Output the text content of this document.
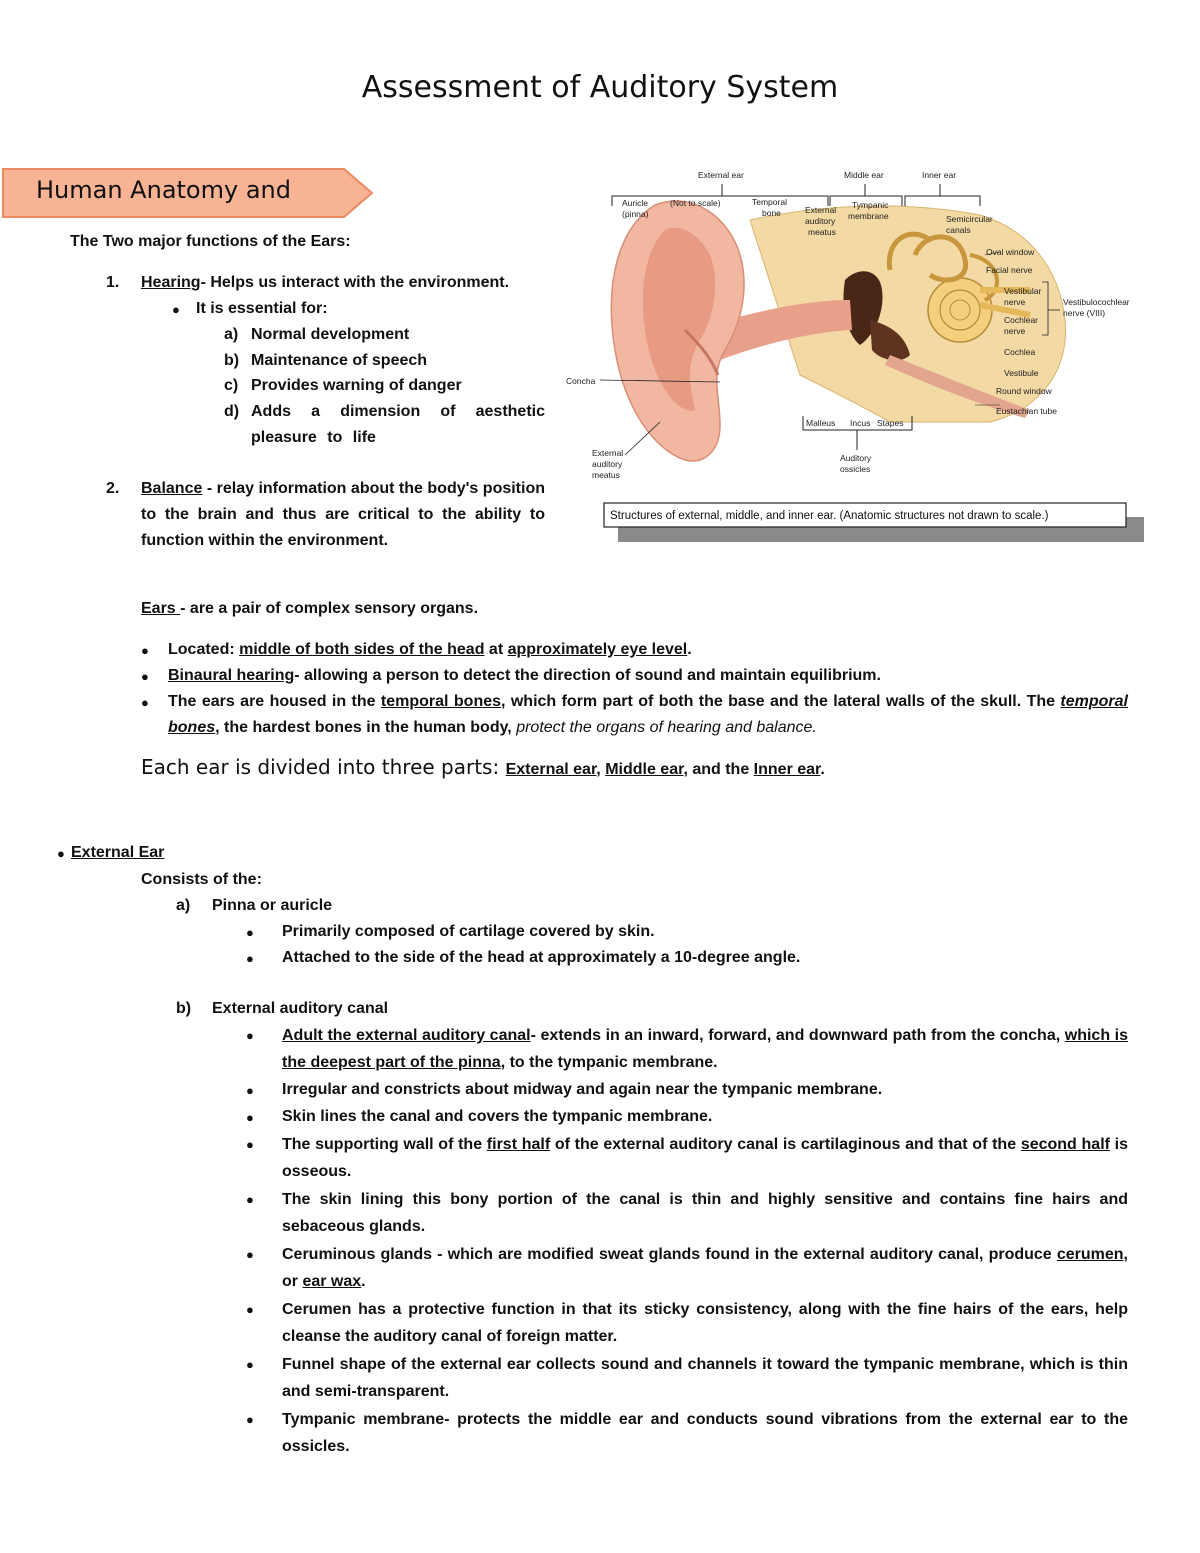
Assessment of Auditory System
Human Anatomy and
The Two major functions of the Ears:
1. Hearing- Helps us interact with the environment.
● It is essential for:
a) Normal development
b) Maintenance of speech
c) Provides warning of danger
d) Adds a dimension of aesthetic pleasure to life
2. Balance - relay information about the body's position to the brain and thus are critical to the ability to function within the environment.
External ear	Middle ear	Inner ear
Auricle
(pinna)
(Not to scale)	Temporal
bone	External
auditory
meatus
Tympanic
membrane	Semicircular
canals
Oval window
Facial nerve
Vestibular
nerve
Cochlear
nerve
Vestibulocochlear
nerve (VIII)
Cochlea
Vestibule
Round window
Eustachian tube
Concha
Malleus Incus Stapes
Auditory
ossicles
External
auditory
meatus
Structures of external, middle, and inner ear. (Anatomic structures not drawn to scale.)
Ears - are a pair of complex sensory organs.
● Located: middle of both sides of the head at approximately eye level.
● Binaural hearing- allowing a person to detect the direction of sound and maintain equilibrium.
● The ears are housed in the temporal bones, which form part of both the base and the lateral walls of the skull. The temporal bones, the hardest bones in the human body, protect the organs of hearing and balance.
Each ear is divided into three parts: External ear, Middle ear, and the Inner ear.
● External Ear
Consists of the:
a) Pinna or auricle
● Primarily composed of cartilage covered by skin.
● Attached to the side of the head at approximately a 10-degree angle.
b) External auditory canal
● Adult the external auditory canal- extends in an inward, forward, and downward path from the concha, which is the deepest part of the pinna, to the tympanic membrane.
● Irregular and constricts about midway and again near the tympanic membrane.
● Skin lines the canal and covers the tympanic membrane.
● The supporting wall of the first half of the external auditory canal is cartilaginous and that of the second half is osseous.
● The skin lining this bony portion of the canal is thin and highly sensitive and contains fine hairs and sebaceous glands.
● Ceruminous glands - which are modified sweat glands found in the external auditory canal, produce cerumen, or ear wax.
● Cerumen has a protective function in that its sticky consistency, along with the fine hairs of the ears, help cleanse the auditory canal of foreign matter.
● Funnel shape of the external ear collects sound and channels it toward the tympanic membrane, which is thin and semi-transparent.
● Tympanic membrane- protects the middle ear and conducts sound vibrations from the external ear to the ossicles.
